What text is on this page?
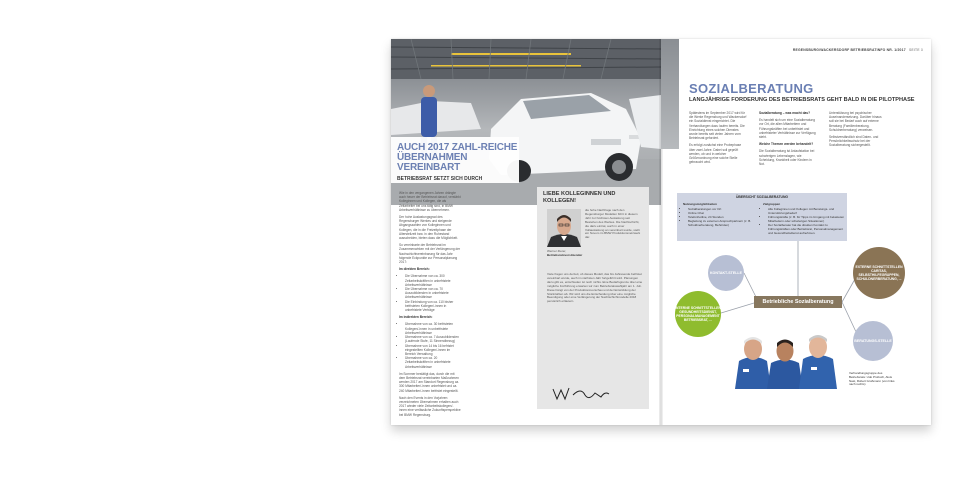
AUCH 2017 ZAHL-REICHE ÜBERNAHMEN VEREINBART
BETRIEBSRAT SETZT SICH DURCH

Wie in den vergangenen Jahren drängte auch heuer der Betriebsrat darauf, verstärkt Kolleginnen und Kollegen, die als Zeitarbeiter bei uns tätig sind, in BMW Arbeitsverhältnisse zu übernehmen.

Der hohe Auslastungsgrad des Regensburger Werkes und steigende Abgangszahlen von Kolleginnen und Kollegen, die in die Freizeitphase der Altersteilzeit bzw. in den Ruhestand ausscheiden, bieten dazu die Möglichkeit.

So vereinbarte der Betriebsrat im Zusammenwirken mit der Verlängerung der Nachschichtvereinbarung für das Jahr folgende Eckpunkte zur Personalplanung 2017:

Im direkten Bereich:

• Die Übernahme von ca. 300 Zeitarbeitskräften in unbefristete Arbeitsverhältnisse
• Die Übernahme von ca. 70 Auszubildenden in unbefristete Arbeitsverhältnisse
• Die Einbindung von ca. 110 bisher befristeten Kollegen/-innen in unbefristete Verträge

Im indirekten Bereich:

• Übernahme von ca. 30 befristeten Kollegen/-innen in unbefristete Arbeitsverhältnisse
• Übernahme von ca. 7 Auszubildenden (Laufende Stufe, 11 Sinnendbezug)
• Übernahme von 14 bis 16 befristet eingestellten Kollegen/-innen im Bereich Verwaltung
• Übernahme von ca. 20 Zeitarbeitskräften in unbefristete Arbeitsverhältnisse

Im Sommer bestätigt das, durch die mit dem Betriebsrat vereinbarten Maßnahmen werden 2017 am Standort Regensburg ca. 300 Mitarbeiter/-innen unbefristet und ca. 240 Mitarbeiter/-innen befristet eingestellt.

Nach den Events in den Vorjahren verzeichneten Übernahmen erhalten auch 2017 wieder viele Zeitarbeitskollegen/-innen eine verlässliche Zukunftsperspektive bei BMW Regensburg.

LIEBE KOLLEGINNEN UND KOLLEGEN!
Werner Zierer,
Betriebsratsvorsitzender
die hohe Nachfrage nach den Regensburger Modellen führt in diesem Jahr zur höchsten Auslastung seit Bestehen des Werkes. Die Nachtschicht, die dazu eintrat, auch in einer Vollauslastung an vereinbart wurde, stellt ein Novum im BMW Produktionsnetzwerk dar.
Viele fragen uns derzeit, ob dieses Modell, das bis Jahresende befristet vereinbart wurde, auch im nächsten Jahr fortgeführt wird. Planungen dazu gibt es, entschieden ist noch nichts. Eine Bedarfsgrenze über eine mögliche Fortführung erwarten wir zum Betriebsratswahljahr am 1. Juli. Diese hängt von der Produktionsvorschau und der Entwicklung der Stückzahlen ab. Wir wird uns die Entscheidung über eine mögliche Beendigung oder eine Verlängerung der Nachtschichtmodelle 2018 persönlich erläutern.
REGENSBURG/WACKERSDORF BETRIEBSRATINFO NR. 1/2017 SEITE 3
SOZIALBERATUNG
LANGJÄHRIGE FORDERUNG DES BETRIEBSRATS GEHT BALD IN DIE PILOTPHASE

Spätestens im September 2017 wird für die Werke Regensburg und Wackersdorf ein Sozialdienst eingerichtet. Die Verhandlungen dazu laufen bereits. Die Einrichtung eines solchen Dienstes wurde bereits seit vielen Jahren vom Betriebsrat gefordert.

Es erfolgt zunächst eine Probephase über zwei Jahre. Dabei soll geprüft werden, ob und in welcher Größenordnung eine solche Stelle gebraucht wird.

Sozialberatung – was macht das?

Es handelt sich um eine Sozialberatung vor Ort, die allen Mitarbeitern und Führungskräften bei unbefristet und unbefristeter Verhältnisse zur Verfügung steht.

Welche Themen werden behandelt?

Die Sozialberatung ist Anlaufstation bei schwierigen Lebenslagen, wie Scheidung, Krankheit oder Kindern in Not.

Unterstützung bei psychischer Auseinandersetzung. Darüber hinaus soll sie bei Bedarf auch auf externe Beratung (Familienberatung, Schuldnerberatung) verweisen.

Selbstverständlich sind Daten- und Persönlichkeitsschutz bei der Sozialberatung sichergestellt.

ÜBERSICHT SOZIALBERATUNG
Nutzungsmöglichkeiten
• Sozialberatungen vor Ort
• Online Chat
• Telefonhotline, 24 Stunden
• Begleitung zu externen Ansprechpartnern (z. B. Schuldnerberatung, Behörden)
Zielgruppen
• Alle Kolleginnen und Kollegen mit Beratungs- und Unterstützungsbedarf
• Führungskräfte (z. B. für Tipps im Umgang mit belasteten Mitarbeitern oder schwierigen Situationen)
• Der Sozialberater hat die direkten Kontakt zu Führungskräften oder Betriebsrat, Personalmanagement und Gesundheitsdienst aufnehmen.
KONTAKT-STELLE
EXTERNE SCHNITTSTELLEN CARITAS, SELBSTHILFEGRUPPEN, SCHULDNERBERATUNG, ...
Betriebliche Sozialberatung
INTERNE SCHNITTSTELLEN GESUNDHEITSDIENST, PERSONALMANAGEMENT BETRIEBSRAT, ...
BERATUNGS-STELLE
Verhandlungsgruppe des Betriebsrats: Udo Probsch, Alois Nast, Robert Großmann (von links nach rechts)
